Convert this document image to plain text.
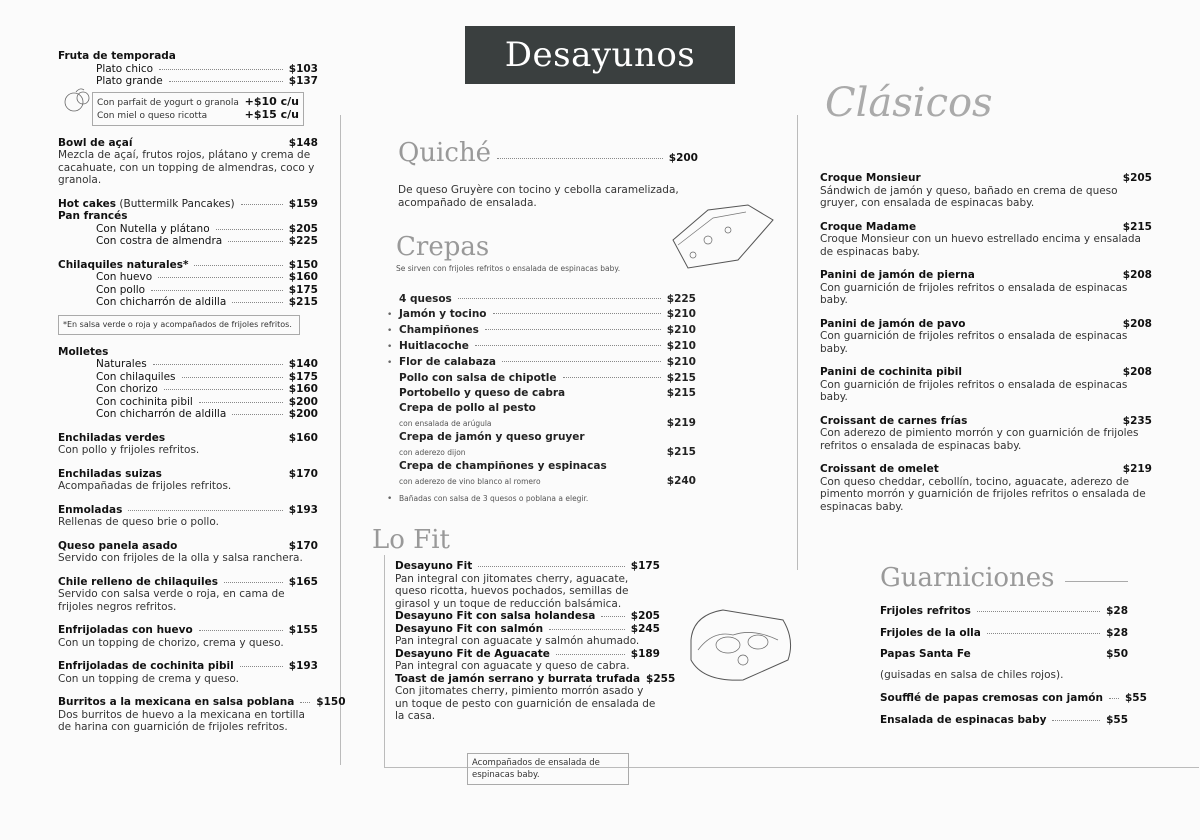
Desayunos
Fruta de temporada
Plato chico	$103
Plato grande	$137
Con parfait de yogurt o granola +$10 c/u
Con miel o queso ricotta	+$15 c/u
Bowl de açaí	$148
Mezcla de açaí, frutos rojos, plátano y crema de cacahuate, con un topping de almendras, coco y granola.
Hot cakes
(Buttermilk Pancakes)	$159
Pan francés
Con Nutella y plátano	$205
Con costra de almendra	$225
Chilaquiles naturales*	$150
Con huevo	$160
Con pollo	$175
Con chicharrón de aldilla	$215
*En salsa verde o roja y acompañados de frijoles refritos.
Molletes
Naturales	$140
Con chilaquiles	$175
Con chorizo	$160
Con cochinita pibil	$200
Con chicharrón de aldilla	$200
Enchiladas verdes	$160
Con pollo y frijoles refritos.
Enchiladas suizas	$170
Acompañadas de frijoles refritos.
Enmoladas	$193
Rellenas de queso brie o pollo.
Queso panela asado	$170
Servido con frijoles de la olla y salsa ranchera.
Chile relleno de chilaquiles	$165
Servido con salsa verde o roja, en cama de frijoles negros refritos.
Enfrijoladas con huevo	$155
Con un topping de chorizo, crema y queso.
Enfrijoladas de cochinita pibil	$193
Con un topping de crema y queso.
Burritos a la mexicana en salsa poblana $150
Dos burritos de huevo a la mexicana en tortilla de harina con guarnición de frijoles refritos.
Quiché	$200
De queso Gruyère con tocino y cebolla caramelizada, acompañado de ensalada.
Crepas
Se sirven con frijoles refritos o ensalada de espinacas baby.
4 quesos	$225
• Jamón y tocino	$210
• Champiñones	$210
• Huitlacoche	$210
• Flor de calabaza	$210
Pollo con salsa de chipotle	$215
Portobello y queso de cabra	$215
Crepa de pollo al pesto
con ensalada de arúgula	$219
Crepa de jamón y queso gruyer
con aderezo dijon	$215
Crepa de champiñones y espinacas
con aderezo de vino blanco al romero	$240
• Bañadas con salsa de 3 quesos o poblana a elegir.
Lo Fit
Desayuno Fit	$175
Pan integral con jitomates cherry, aguacate, queso ricotta, huevos pochados, semillas de girasol y un toque de reducción balsámica.
Desayuno Fit con salsa holandesa	$205
Desayuno Fit con salmón	$245
Pan integral con aguacate y salmón ahumado.
Desayuno Fit de Aguacate	$189
Pan integral con aguacate y queso de cabra.
Toast de jamón serrano y burrata trufada $255
Con jitomates cherry, pimiento morrón asado y un toque de pesto con guarnición de ensalada de la casa.
Acompañados de ensalada de espinacas baby.
Clásicos
Croque Monsieur	$205
Sándwich de jamón y queso, bañado en crema de queso gruyer, con ensalada de espinacas baby.
Croque Madame	$215
Croque Monsieur con un huevo estrellado encima y ensalada de espinacas baby.
Panini de jamón de pierna	$208
Con guarnición de frijoles refritos o ensalada de espinacas baby.
Panini de jamón de pavo	$208
Con guarnición de frijoles refritos o ensalada de espinacas baby.
Panini de cochinita pibil	$208
Con guarnición de frijoles refritos o ensalada de espinacas baby.
Croissant de carnes frías	$235
Con aderezo de pimiento morrón y con guarnición de frijoles refritos o ensalada de espinacas baby.
Croissant de omelet	$219
Con queso cheddar, cebollín, tocino, aguacate, aderezo de pimento morrón y guarnición de frijoles refritos o ensalada de espinacas baby.
Guarniciones
Frijoles refritos	$28
Frijoles de la olla	$28
Papas Santa Fe	$50
(guisadas en salsa de chiles rojos).
Soufflé de papas cremosas con jamón $55
Ensalada de espinacas baby	$55
